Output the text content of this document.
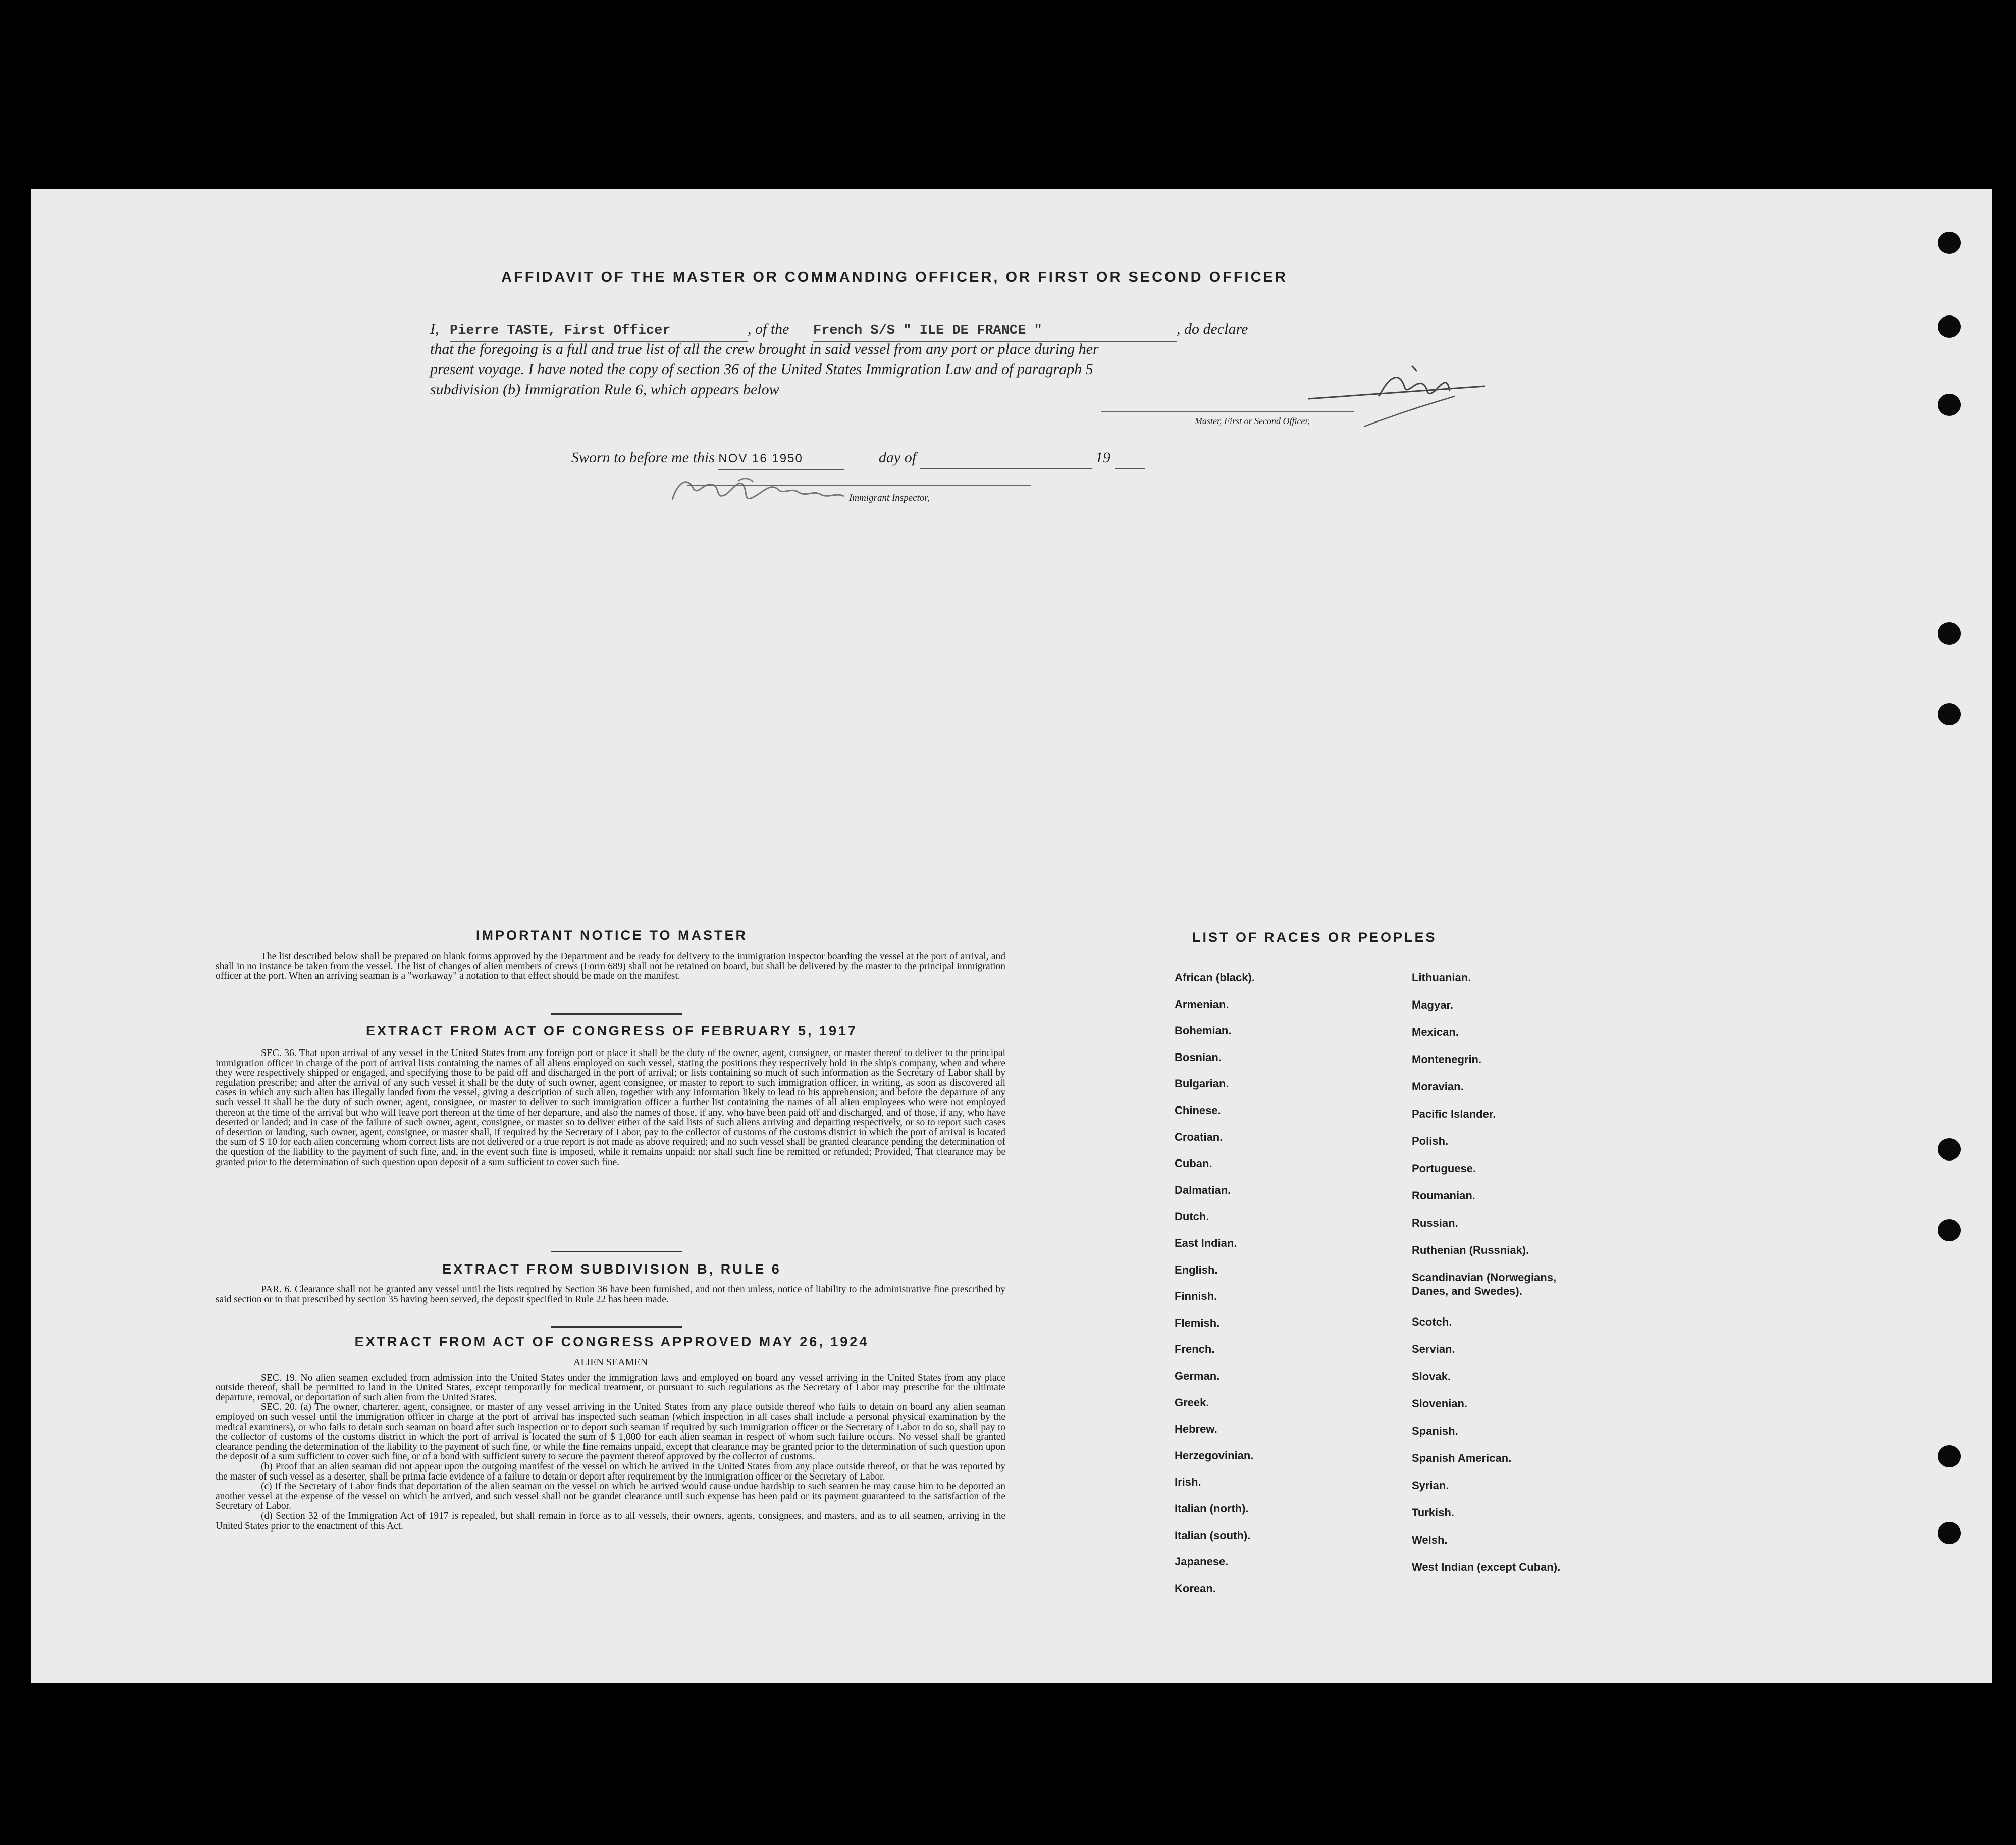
AFFIDAVIT OF THE MASTER OR COMMANDING OFFICER, OR FIRST OR SECOND OFFICER
I, Pierre TASTE, First Officer	, of the French S/S " ILE DE FRANCE "	, do declare
that the foregoing is a full and true list of all the crew brought in said vessel from any port or place during her
present voyage. I have noted the copy of section 36 of the United States Immigration Law and of paragraph 5
subdivision (b) Immigration Rule 6, which appears below
Master, First or Second Officer,
Sworn to before me this NOV 16 1950	day of	19
Immigrant Inspector,
IMPORTANT NOTICE TO MASTER

The list described below shall be prepared on blank forms approved by the Department and be ready for delivery to the immigration inspector boarding the vessel at the port of arrival, and shall in no instance be taken from the vessel. The list of changes of alien members of crews (Form 689) shall not be retained on board, but shall be delivered by the master to the principal immigration officer at the port. When an arriving seaman is a "workaway" a notation to that effect should be made on the manifest.

EXTRACT FROM ACT OF CONGRESS OF FEBRUARY 5, 1917

SEC. 36. That upon arrival of any vessel in the United States from any foreign port or place it shall be the duty of the owner, agent, consignee, or master thereof to deliver to the principal immigration officer in charge of the port of arrival lists containing the names of all aliens employed on such vessel, stating the positions they respectively hold in the ship's company, when and where they were respectively shipped or engaged, and specifying those to be paid off and discharged in the port of arrival; or lists containing so much of such information as the Secretary of Labor shall by regulation prescribe; and after the arrival of any such vessel it shall be the duty of such owner, agent consignee, or master to report to such immigration officer, in writing, as soon as discovered all cases in which any such alien has illegally landed from the vessel, giving a description of such alien, together with any information likely to lead to his apprehension; and before the departure of any such vessel it shall be the duty of such owner, agent, consignee, or master to deliver to such immigration officer a further list containing the names of all alien employees who were not employed thereon at the time of the arrival but who will leave port thereon at the time of her departure, and also the names of those, if any, who have been paid off and discharged, and of those, if any, who have deserted or landed; and in case of the failure of such owner, agent, consignee, or master so to deliver either of the said lists of such aliens arriving and departing respectively, or so to report such cases of desertion or landing, such owner, agent, consignee, or master shall, if required by the Secretary of Labor, pay to the collector of customs of the customs district in which the port of arrival is located the sum of $ 10 for each alien concerning whom correct lists are not delivered or a true report is not made as above required; and no such vessel shall be granted clearance pending the determination of the question of the liability to the payment of such fine, and, in the event such fine is imposed, while it remains unpaid; nor shall such fine be remitted or refunded; Provided, That clearance may be granted prior to the determination of such question upon deposit of a sum sufficient to cover such fine.

EXTRACT FROM SUBDIVISION B, RULE 6

PAR. 6. Clearance shall not be granted any vessel until the lists required by Section 36 have been furnished, and not then unless, notice of liability to the administrative fine prescribed by said section or to that prescribed by section 35 having been served, the deposit specified in Rule 22 has been made.

EXTRACT FROM ACT OF CONGRESS APPROVED MAY 26, 1924

ALIEN SEAMEN

SEC. 19. No alien seamen excluded from admission into the United States under the immigration laws and employed on board any vessel arriving in the United States from any place outside thereof, shall be permitted to land in the United States, except temporarily for medical treatment, or pursuant to such regulations as the Secretary of Labor may prescribe for the ultimate departure, removal, or deportation of such alien from the United States.

SEC. 20. (a) The owner, charterer, agent, consignee, or master of any vessel arriving in the United States from any place outside thereof who fails to detain on board any alien seaman employed on such vessel until the immigration officer in charge at the port of arrival has inspected such seaman (which inspection in all cases shall include a personal physical examination by the medical examiners), or who fails to detain such seaman on board after such inspection or to deport such seaman if required by such immigration officer or the Secretary of Labor to do so, shall pay to the collector of customs of the customs district in which the port of arrival is located the sum of $ 1,000 for each alien seaman in respect of whom such failure occurs. No vessel shall be granted clearance pending the determination of the liability to the payment of such fine, or while the fine remains unpaid, except that clearance may be granted prior to the determination of such question upon the deposit of a sum sufficient to cover such fine, or of a bond with sufficient surety to secure the payment thereof approved by the collector of customs.

(b) Proof that an alien seaman did not appear upon the outgoing manifest of the vessel on which he arrived in the United States from any place outside thereof, or that he was reported by the master of such vessel as a deserter, shall be prima facie evidence of a failure to detain or deport after requirement by the immigration officer or the Secretary of Labor.

(c) If the Secretary of Labor finds that deportation of the alien seaman on the vessel on which he arrived would cause undue hardship to such seamen he may cause him to be deported an another vessel at the expense of the vessel on which he arrived, and such vessel shall not be grandet clearance until such expense has been paid or its payment guaranteed to the satisfaction of the Secretary of Labor.

(d) Section 32 of the Immigration Act of 1917 is repealed, but shall remain in force as to all vessels, their owners, agents, consignees, and masters, and as to all seamen, arriving in the United States prior to the enactment of this Act.

LIST OF RACES OR PEOPLES
African (black).
Armenian.
Bohemian.
Bosnian.
Bulgarian.
Chinese.
Croatian.
Cuban.
Dalmatian.
Dutch.
East Indian.
English.
Finnish.
Flemish.
French.
German.
Greek.
Hebrew.
Herzegovinian.
Irish.
Italian (north).
Italian (south).
Japanese.
Korean.
Lithuanian.
Magyar.
Mexican.
Montenegrin.
Moravian.
Pacific Islander.
Polish.
Portuguese.
Roumanian.
Russian.
Ruthenian (Russniak).
Scandinavian (Norwegians, Danes, and Swedes).
Scotch.
Servian.
Slovak.
Slovenian.
Spanish.
Spanish American.
Syrian.
Turkish.
Welsh.
West Indian (except Cuban).
